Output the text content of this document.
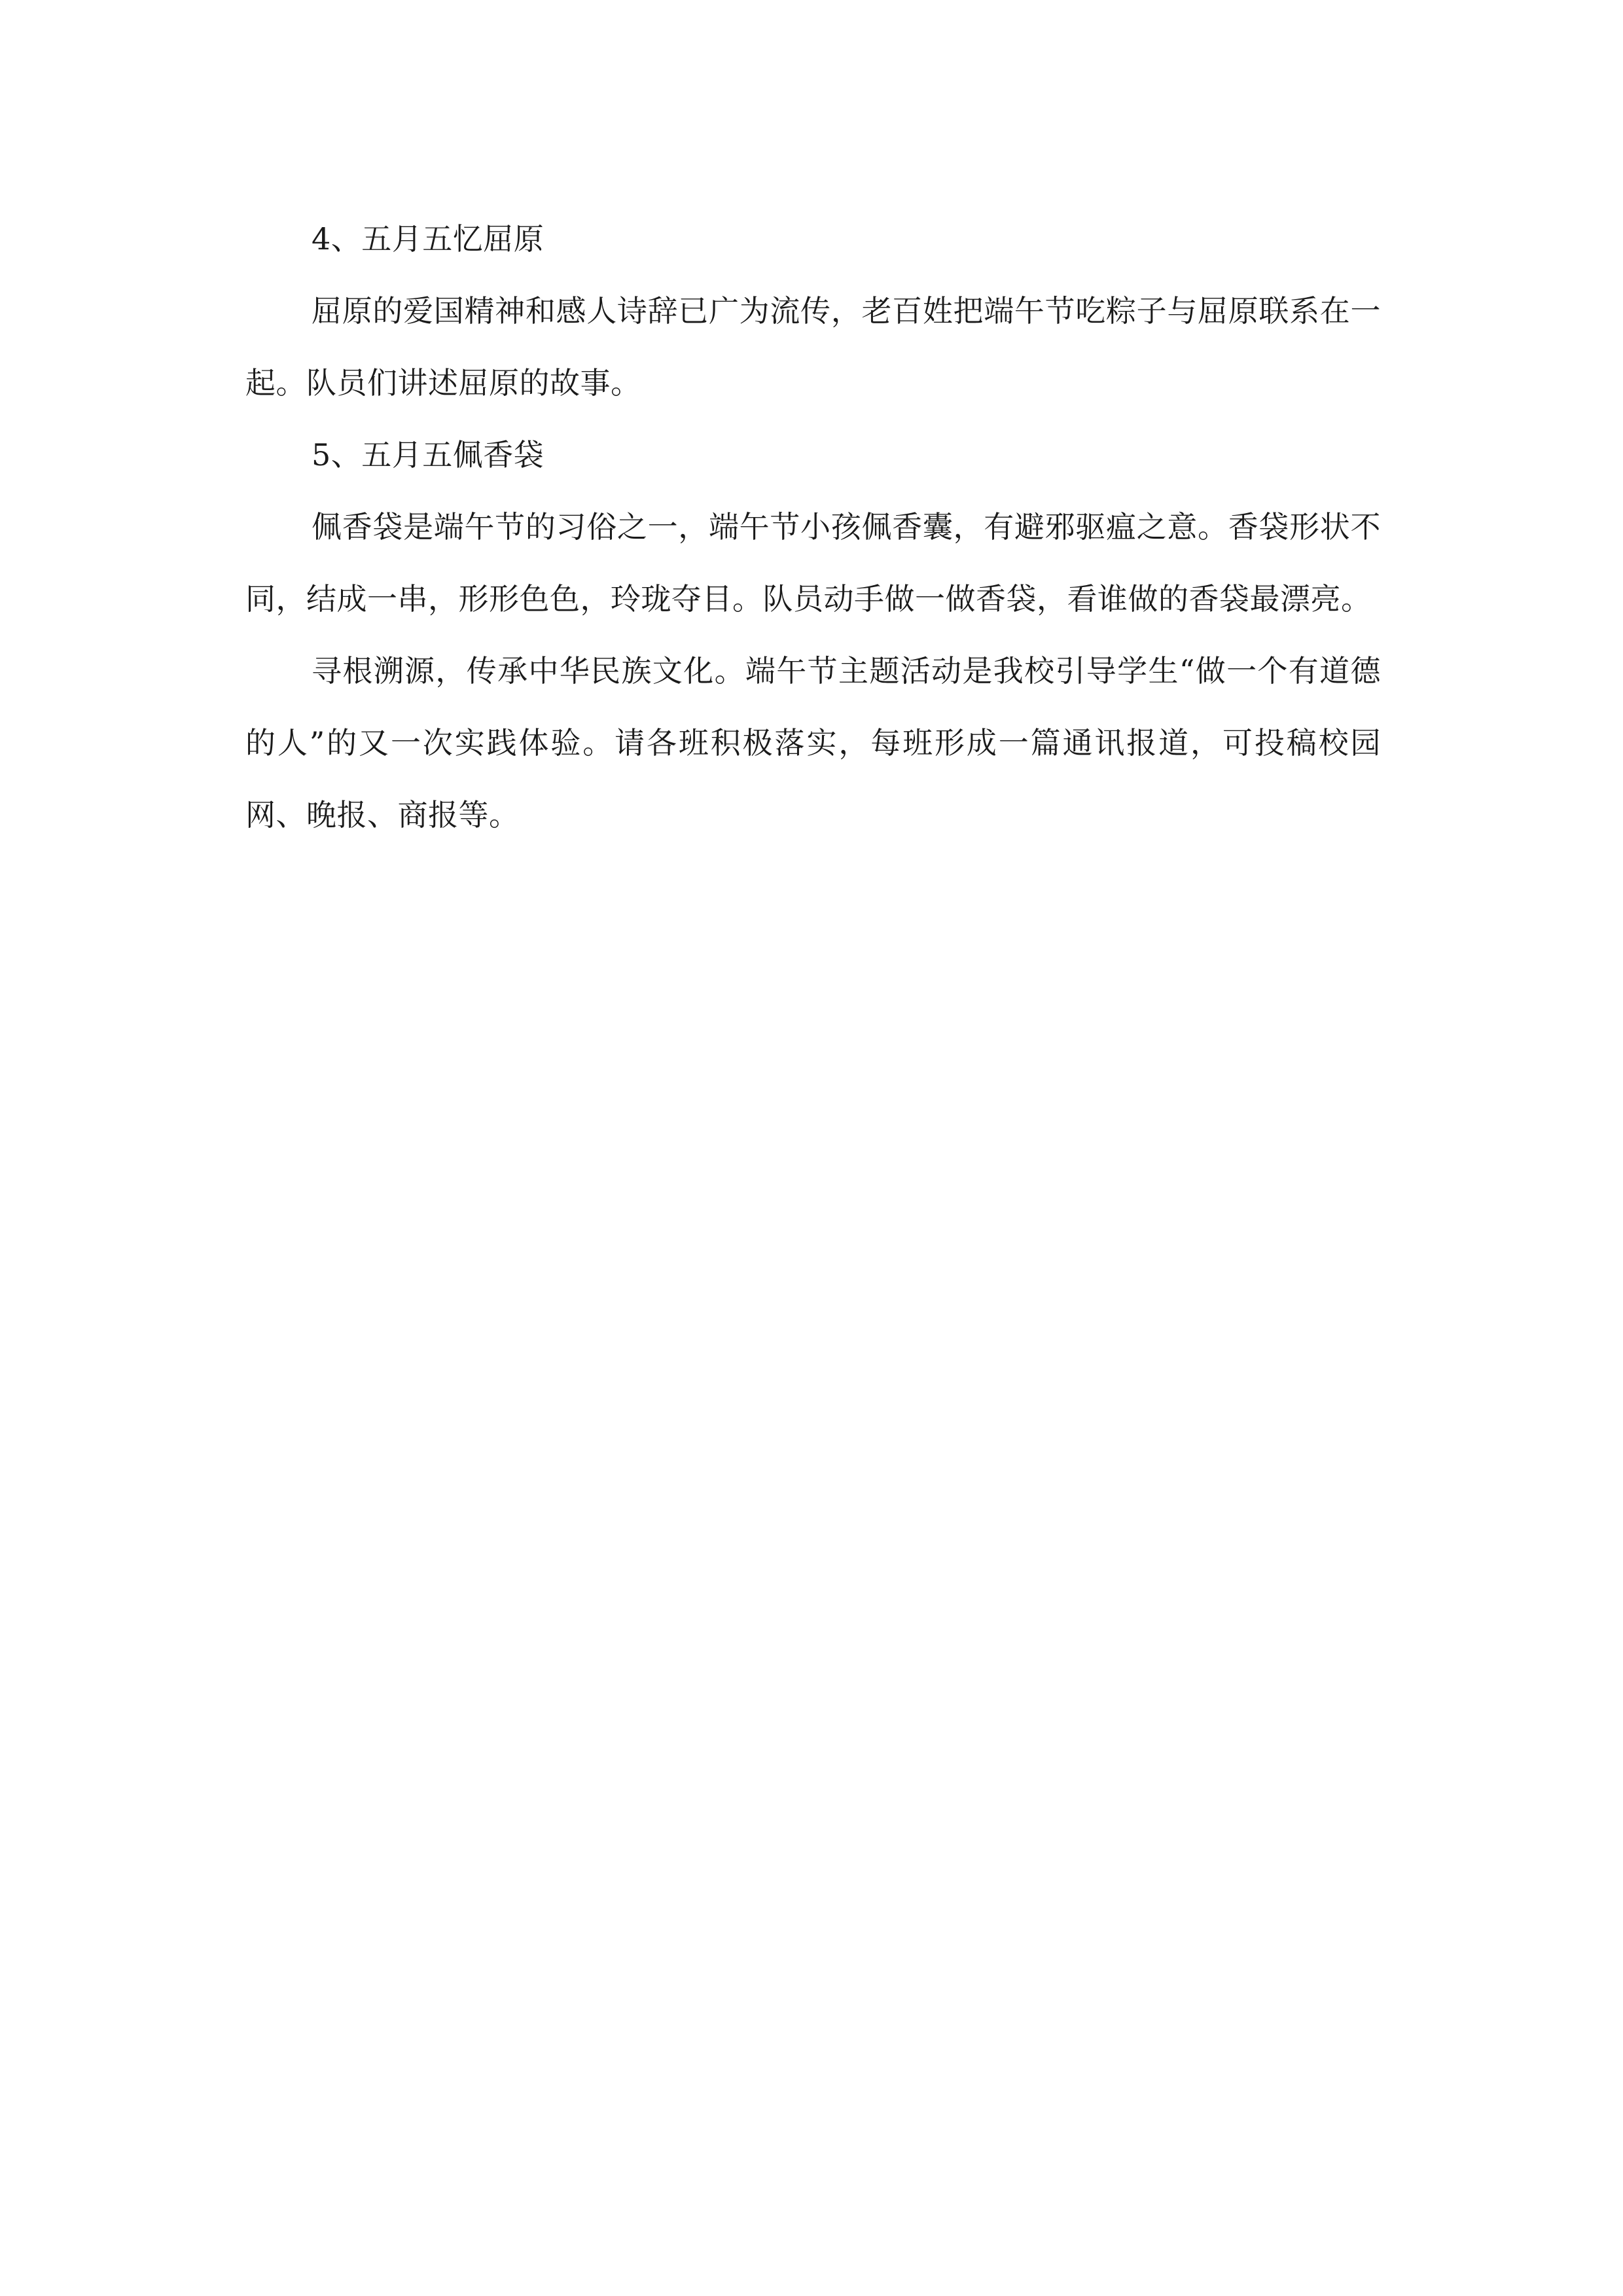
4、五月五忆屈原

屈原的爱国精神和感人诗辞已广为流传，老百姓把端午节吃粽子与屈原联系在一起。队员们讲述屈原的故事。

5、五月五佩香袋

佩香袋是端午节的习俗之一，端午节小孩佩香囊，有避邪驱瘟之意。香袋形状不同，结成一串，形形色色，玲珑夺目。队员动手做一做香袋，看谁做的香袋最漂亮。

寻根溯源，传承中华民族文化。端午节主题活动是我校引导学生“做一个有道德的人”的又一次实践体验。请各班积极落实，每班形成一篇通讯报道，可投稿校园网、晚报、商报等。
